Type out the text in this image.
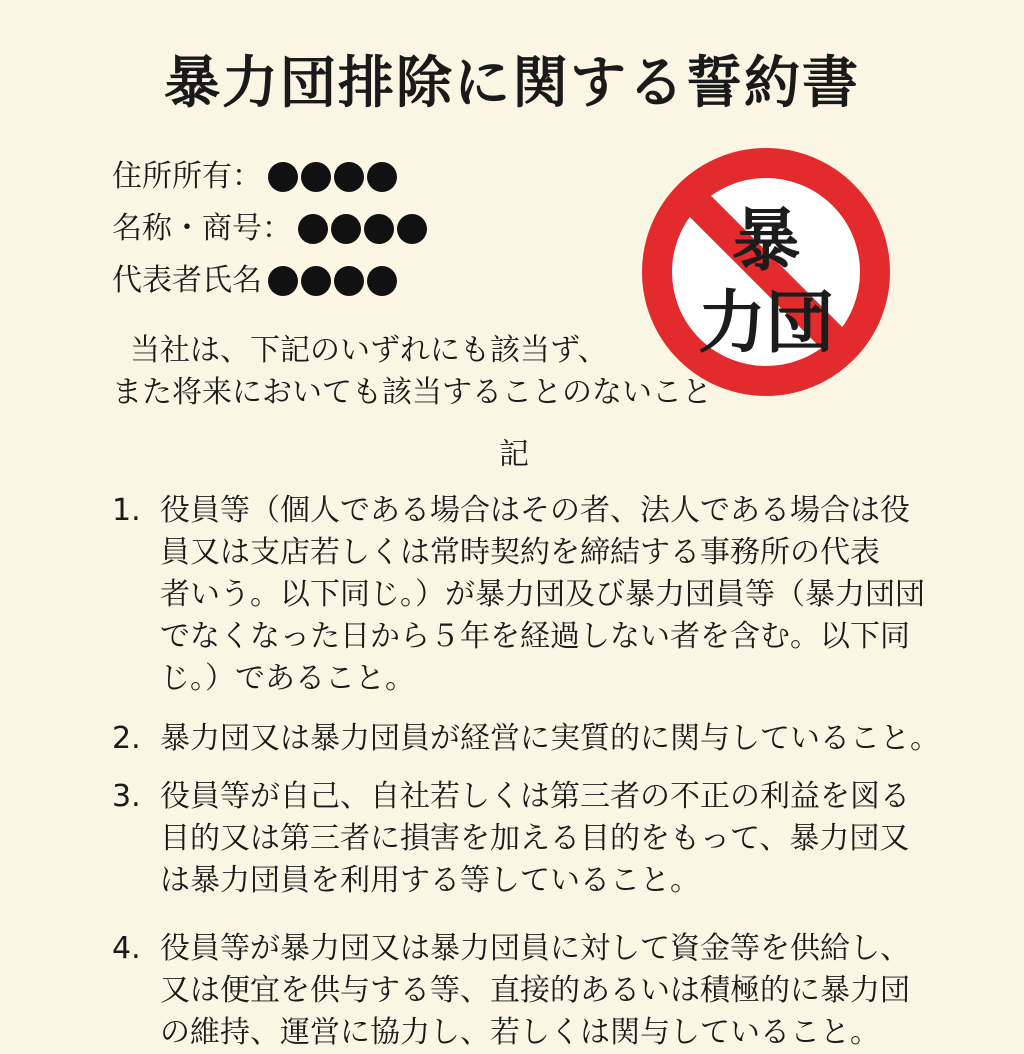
暴力団排除に関する誓約書
住所所有：
名称・商号：
代表者氏名	暴
力団
当社は、下記のいずれにも該当ず、
また将来においても該当することのないこと
記
1. 役員等（個人である場合はその者、法人である場合は役
員又は支店若しくは常時契約を締結する事務所の代表
者いう。以下同じ。）が暴力団及び暴力団員等（暴力団団
でなくなった日から５年を経過しない者を含む。以下同
じ。）であること。
2. 暴力団又は暴力団員が経営に実質的に関与していること。
3. 役員等が自己、自社若しくは第三者の不正の利益を図る
目的又は第三者に損害を加える目的をもって、暴力団又
は暴力団員を利用する等していること。
4. 役員等が暴力団又は暴力団員に対して資金等を供給し、
又は便宜を供与する等、直接的あるいは積極的に暴力団
の維持、運営に協力し、若しくは関与していること。
